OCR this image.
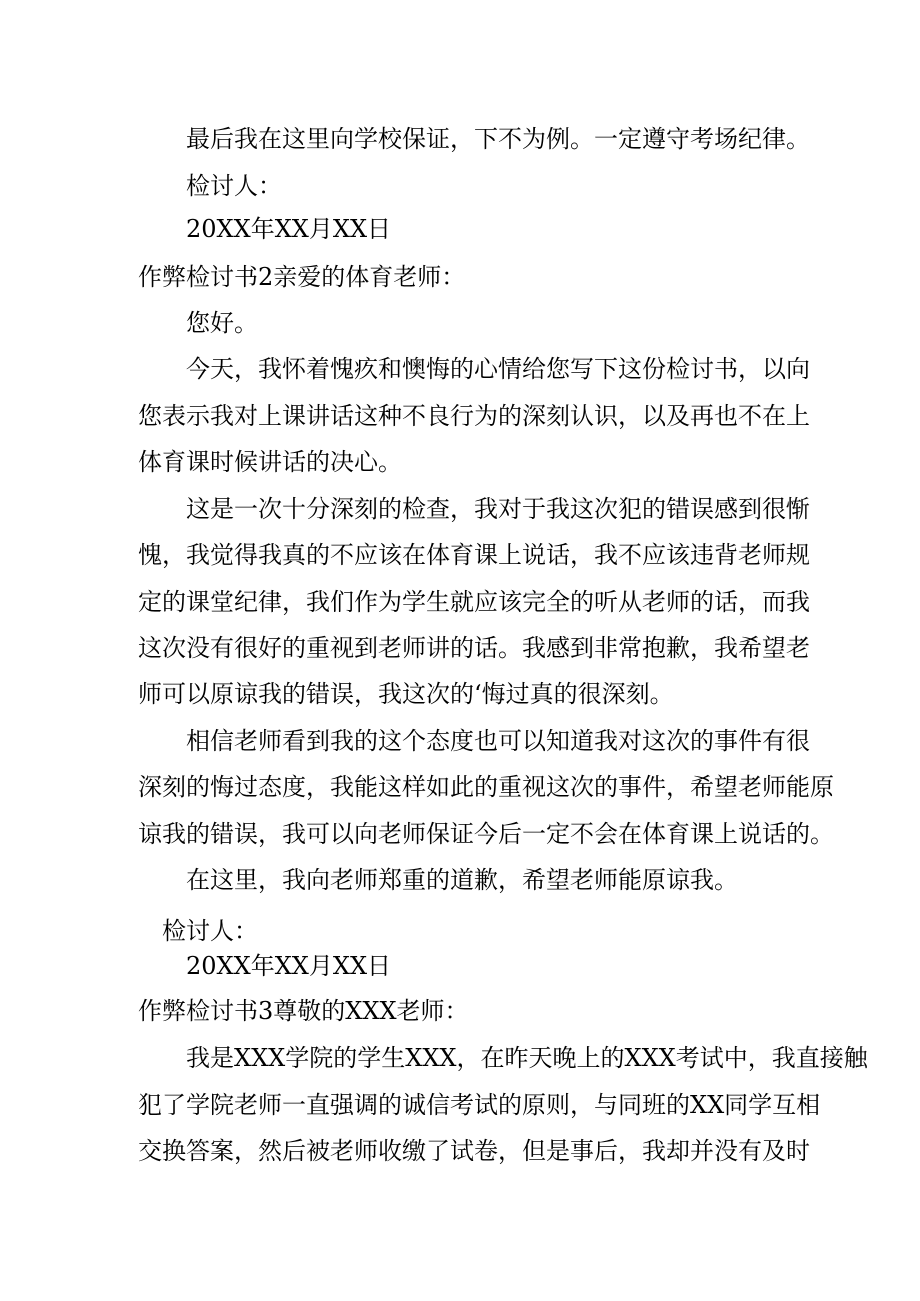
最后我在这里向学校保证，下不为例。一定遵守考场纪律。
检讨人：
20XX年XX月XX日
作弊检讨书2亲爱的体育老师：
您好。
今天，我怀着愧疚和懊悔的心情给您写下这份检讨书，以向
您表示我对上课讲话这种不良行为的深刻认识，以及再也不在上
体育课时候讲话的决心。
这是一次十分深刻的检查，我对于我这次犯的错误感到很惭
愧，我觉得我真的不应该在体育课上说话，我不应该违背老师规
定的课堂纪律，我们作为学生就应该完全的听从老师的话，而我
这次没有很好的重视到老师讲的话。我感到非常抱歉，我希望老
师可以原谅我的错误，我这次的‘悔过真的很深刻。
相信老师看到我的这个态度也可以知道我对这次的事件有很
深刻的悔过态度，我能这样如此的重视这次的事件，希望老师能原
谅我的错误，我可以向老师保证今后一定不会在体育课上说话的。
在这里，我向老师郑重的道歉，希望老师能原谅我。
检讨人：
20XX年XX月XX日
作弊检讨书3尊敬的XXX老师：
我是XXX学院的学生XXX，在昨天晚上的XXX考试中，我直接触
犯了学院老师一直强调的诚信考试的原则，与同班的XX同学互相
交换答案，然后被老师收缴了试卷，但是事后，我却并没有及时
